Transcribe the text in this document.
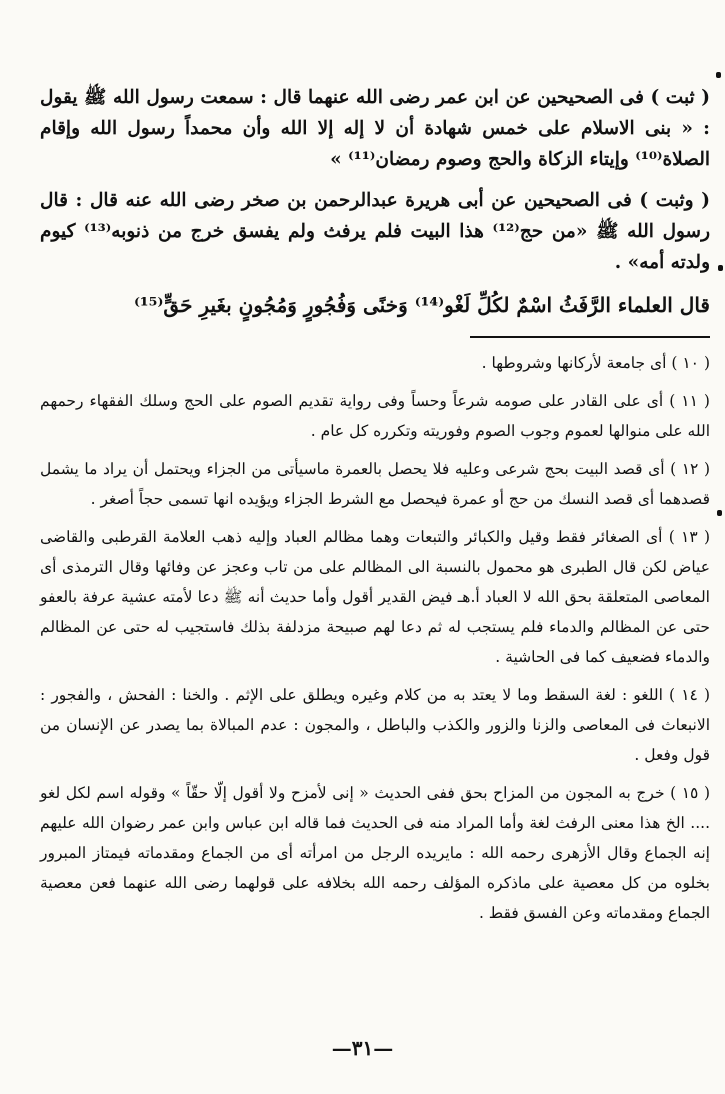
( ثبت ) فى الصحيحين عن ابن عمر رضى الله عنهما قال : سمعت رسول الله ﷺ يقول : « بنى الاسلام على خمس شهادة أن لا إله إلا الله وأن محمداً رسول الله وإقام الصلاة⁽¹⁰⁾ وإيتاء الزكاة والحج وصوم رمضان⁽¹¹⁾ »

( وثبت ) فى الصحيحين عن أبى هريرة عبدالرحمن بن صخر رضى الله عنه قال : قال رسول الله ﷺ «من حج⁽¹²⁾ هذا البيت فلم يرفث ولم يفسق خرج من ذنوبه⁽¹³⁾ كيوم ولدته أمه» .

قال العلماء الرَّفَثُ اسْمٌ لكُلِّ لَغْو⁽¹⁴⁾ وَخنًى وَفُجُورٍ وَمُجُونٍ بغَيرِ حَقٍّ⁽¹⁵⁾

( ١٠ ) أى جامعة لأركانها وشروطها .

( ١١ ) أى على القادر على صومه شرعاً وحساً وفى رواية تقديم الصوم على الحج وسلك الفقهاء رحمهم الله على منوالها لعموم وجوب الصوم وفوريته وتكرره كل عام .

( ١٢ ) أى قصد البيت بحج شرعى وعليه فلا يحصل بالعمرة ماسيأتى من الجزاء ويحتمل أن يراد ما يشمل قصدهما أى قصد النسك من حج أو عمرة فيحصل مع الشرط الجزاء ويؤيده انها تسمى حجاً أصغر .

( ١٣ ) أى الصغائر فقط وقيل والكبائر والتبعات وهما مظالم العباد وإليه ذهب العلامة القرطبى والقاضى عياض لكن قال الطبرى هو محمول بالنسبة الى المظالم على من تاب وعجز عن وفائها وقال الترمذى أى المعاصى المتعلقة بحق الله لا العباد أ.هـ فيض القدير أقول وأما حديث أنه ﷺ دعا لأمته عشية عرفة بالعفو حتى عن المظالم والدماء فلم يستجب له ثم دعا لهم صبيحة مزدلفة بذلك فاستجيب له حتى عن المظالم والدماء فضعيف كما فى الحاشية .

( ١٤ ) اللغو : لغة السقط وما لا يعتد به من كلام وغيره ويطلق على الإثم . والخنا : الفحش ، والفجور : الانبعاث فى المعاصى والزنا والزور والكذب والباطل ، والمجون : عدم المبالاة بما يصدر عن الإنسان من قول وفعل .

( ١٥ ) خرج به المجون من المزاح بحق ففى الحديث « إنى لأمزح ولا أقول إلّا حقّاً » وقوله اسم لكل لغو .... الخ هذا معنى الرفث لغة وأما المراد منه فى الحديث فما قاله ابن عباس وابن عمر رضوان الله عليهم إنه الجماع وقال الأزهرى رحمه الله : مايريده الرجل من امرأته أى من الجماع ومقدماته فيمتاز المبرور بخلوه من كل معصية على ماذكره المؤلف رحمه الله بخلافه على قولهما رضى الله عنهما فعن معصية الجماع ومقدماته وعن الفسق فقط .

—٣١—
